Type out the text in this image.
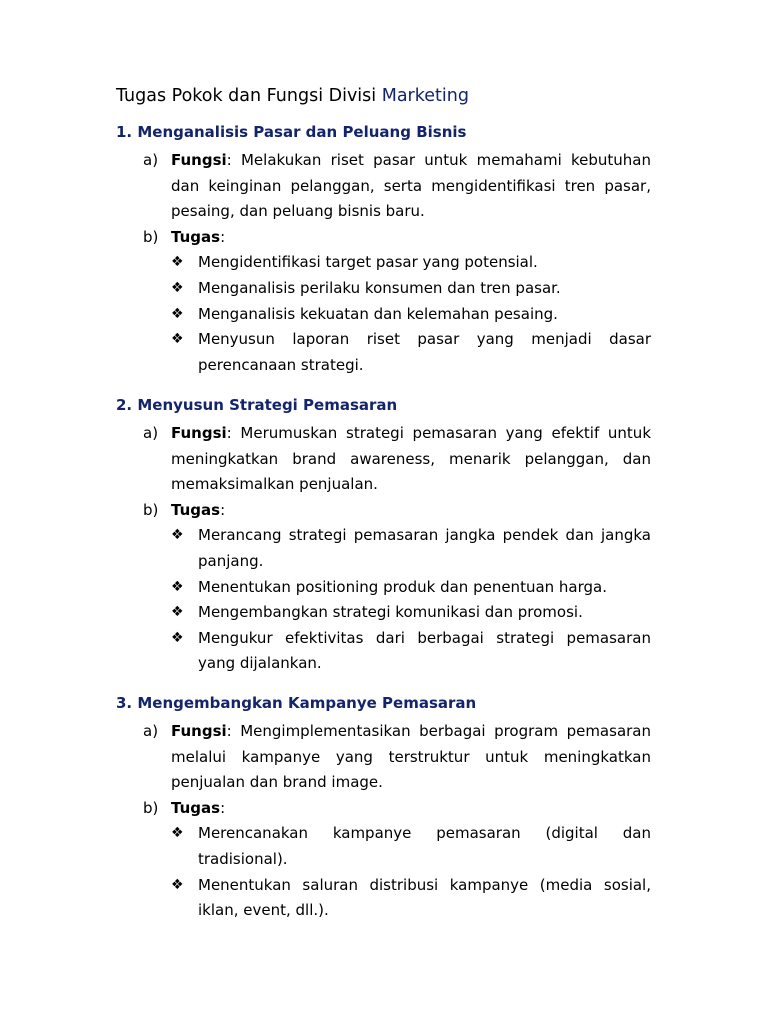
Tugas Pokok dan Fungsi Divisi Marketing
1. Menganalisis Pasar dan Peluang Bisnis
a) Fungsi: Melakukan riset pasar untuk memahami kebutuhan dan keinginan pelanggan, serta mengidentifikasi tren pasar, pesaing, dan peluang bisnis baru.
b) Tugas:
❖ Mengidentifikasi target pasar yang potensial.
❖ Menganalisis perilaku konsumen dan tren pasar.
❖ Menganalisis kekuatan dan kelemahan pesaing.
❖ Menyusun laporan riset pasar yang menjadi dasar perencanaan strategi.
2. Menyusun Strategi Pemasaran
a) Fungsi: Merumuskan strategi pemasaran yang efektif untuk meningkatkan brand awareness, menarik pelanggan, dan memaksimalkan penjualan.
b) Tugas:
❖ Merancang strategi pemasaran jangka pendek dan jangka panjang.
❖ Menentukan positioning produk dan penentuan harga.
❖ Mengembangkan strategi komunikasi dan promosi.
❖ Mengukur efektivitas dari berbagai strategi pemasaran yang dijalankan.
3. Mengembangkan Kampanye Pemasaran
a) Fungsi: Mengimplementasikan berbagai program pemasaran melalui kampanye yang terstruktur untuk meningkatkan penjualan dan brand image.
b) Tugas:
❖ Merencanakan kampanye pemasaran (digital dan tradisional).
❖ Menentukan saluran distribusi kampanye (media sosial, iklan, event, dll.).
